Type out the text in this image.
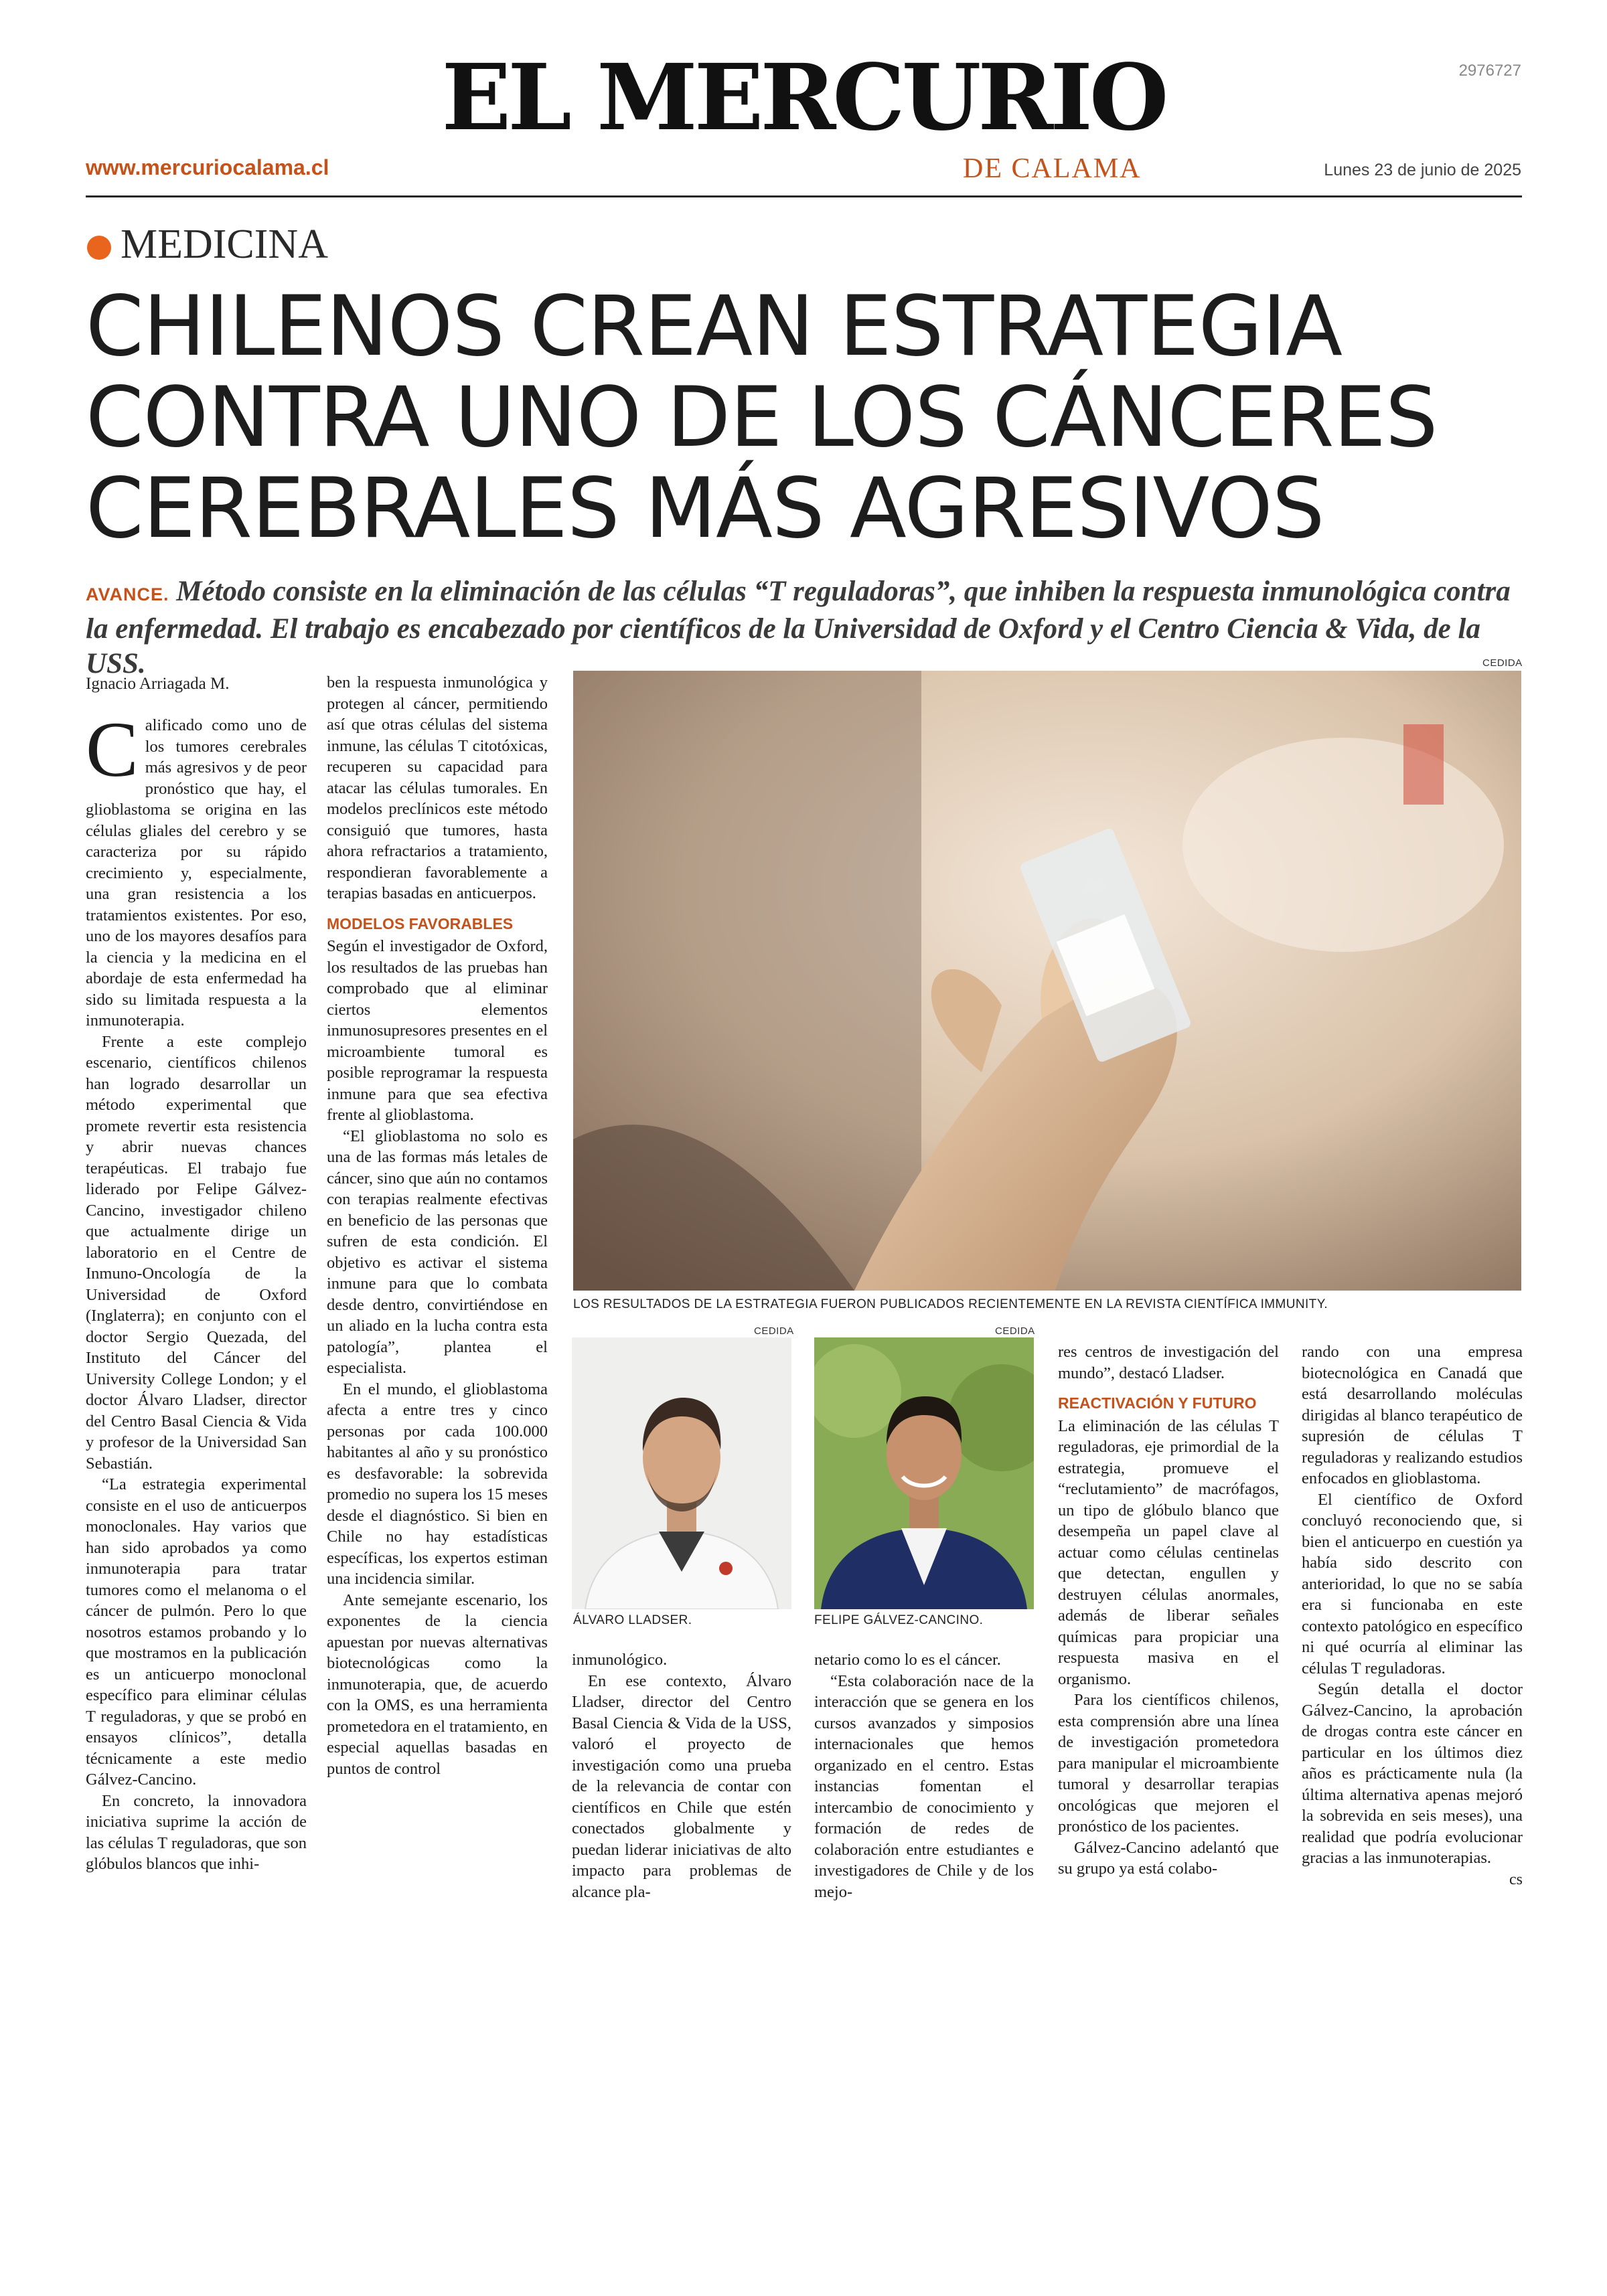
EL MERCURIO
DE CALAMA
2976727
www.mercuriocalama.cl	Lunes 23 de junio de 2025
MEDICINA
CHILENOS CREAN ESTRATEGIA
CONTRA UNO DE LOS CÁNCERES
CEREBRALES MÁS AGRESIVOS
AVANCE. Método consiste en la eliminación de las células “T reguladoras”, que inhiben la respuesta inmunológica contra la enfermedad. El trabajo es encabezado por científicos de la Universidad de Oxford y el Centro Ciencia & Vida, de la USS.
Ignacio Arriagada M.

Calificado como uno de los tumores cerebrales más agresivos y de peor pronóstico que hay, el glioblastoma se origina en las células gliales del cerebro y se caracteriza por su rápido crecimiento y, especialmente, una gran resistencia a los tratamientos existentes. Por eso, uno de los mayores desafíos para la ciencia y la medicina en el abordaje de esta enfermedad ha sido su limitada respuesta a la inmunoterapia.

Frente a este complejo escenario, científicos chilenos han logrado desarrollar un método experimental que promete revertir esta resistencia y abrir nuevas chances terapéuticas. El trabajo fue liderado por Felipe Gálvez-Cancino, investigador chileno que actualmente dirige un laboratorio en el Centre de Inmuno-Oncología de la Universidad de Oxford (Inglaterra); en conjunto con el doctor Sergio Quezada, del Instituto del Cáncer del University College London; y el doctor Álvaro Lladser, director del Centro Basal Ciencia & Vida y profesor de la Universidad San Sebastián.

“La estrategia experimental consiste en el uso de anticuerpos monoclonales. Hay varios que han sido aprobados ya como inmunoterapia para tratar tumores como el melanoma o el cáncer de pulmón. Pero lo que nosotros estamos probando y lo que mostramos en la publicación es un anticuerpo monoclonal específico para eliminar células T reguladoras, y que se probó en ensayos clínicos”, detalla técnicamente a este medio Gálvez-Cancino.

En concreto, la innovadora iniciativa suprime la acción de las células T reguladoras, que son glóbulos blancos que inhi-

ben la respuesta inmunológica y protegen al cáncer, permitiendo así que otras células del sistema inmune, las células T citotóxicas, recuperen su capacidad para atacar las células tumorales. En modelos preclínicos este método consiguió que tumores, hasta ahora refractarios a tratamiento, respondieran favorablemente a terapias basadas en anticuerpos.

MODELOS FAVORABLES

Según el investigador de Oxford, los resultados de las pruebas han comprobado que al eliminar ciertos elementos inmunosupresores presentes en el microambiente tumoral es posible reprogramar la respuesta inmune para que sea efectiva frente al glioblastoma.

“El glioblastoma no solo es una de las formas más letales de cáncer, sino que aún no contamos con terapias realmente efectivas en beneficio de las personas que sufren de esta condición. El objetivo es activar el sistema inmune para que lo combata desde dentro, convirtiéndose en un aliado en la lucha contra esta patología”, plantea el especialista.

En el mundo, el glioblastoma afecta a entre tres y cinco personas por cada 100.000 habitantes al año y su pronóstico es desfavorable: la sobrevida promedio no supera los 15 meses desde el diagnóstico. Si bien en Chile no hay estadísticas específicas, los expertos estiman una incidencia similar.

Ante semejante escenario, los exponentes de la ciencia apuestan por nuevas alternativas biotecnológicas como la inmunoterapia, que, de acuerdo con la OMS, es una herramienta prometedora en el tratamiento, en especial aquellas basadas en puntos de control

CEDIDA
LOS RESULTADOS DE LA ESTRATEGIA FUERON PUBLICADOS RECIENTEMENTE EN LA REVISTA CIENTÍFICA IMMUNITY.
CEDIDA
ÁLVARO LLADSER.
CEDIDA
FELIPE GÁLVEZ-CANCINO.

inmunológico.

En ese contexto, Álvaro Lladser, director del Centro Basal Ciencia & Vida de la USS, valoró el proyecto de investigación como una prueba de la relevancia de contar con científicos en Chile que estén conectados globalmente y puedan liderar iniciativas de alto impacto para problemas de alcance pla-

netario como lo es el cáncer.

“Esta colaboración nace de la interacción que se genera en los cursos avanzados y simposios internacionales que hemos organizado en el centro. Estas instancias fomentan el intercambio de conocimiento y formación de redes de colaboración entre estudiantes e investigadores de Chile y de los mejo-

res centros de investigación del mundo”, destacó Lladser.

REACTIVACIÓN Y FUTURO

La eliminación de las células T reguladoras, eje primordial de la estrategia, promueve el “reclutamiento” de macrófagos, un tipo de glóbulo blanco que desempeña un papel clave al actuar como células centinelas que detectan, engullen y destruyen células anormales, además de liberar señales químicas para propiciar una respuesta masiva en el organismo.

Para los científicos chilenos, esta comprensión abre una línea de investigación prometedora para manipular el microambiente tumoral y desarrollar terapias oncológicas que mejoren el pronóstico de los pacientes.

Gálvez-Cancino adelantó que su grupo ya está colabo-

rando con una empresa biotecnológica en Canadá que está desarrollando moléculas dirigidas al blanco terapéutico de supresión de células T reguladoras y realizando estudios enfocados en glioblastoma.

El científico de Oxford concluyó reconociendo que, si bien el anticuerpo en cuestión ya había sido descrito con anterioridad, lo que no se sabía era si funcionaba en este contexto patológico en específico ni qué ocurría al eliminar las células T reguladoras.

Según detalla el doctor Gálvez-Cancino, la aprobación de drogas contra este cáncer en particular en los últimos diez años es prácticamente nula (la última alternativa apenas mejoró la sobrevida en seis meses), una realidad que podría evolucionar gracias a las inmunoterapias.

cs
